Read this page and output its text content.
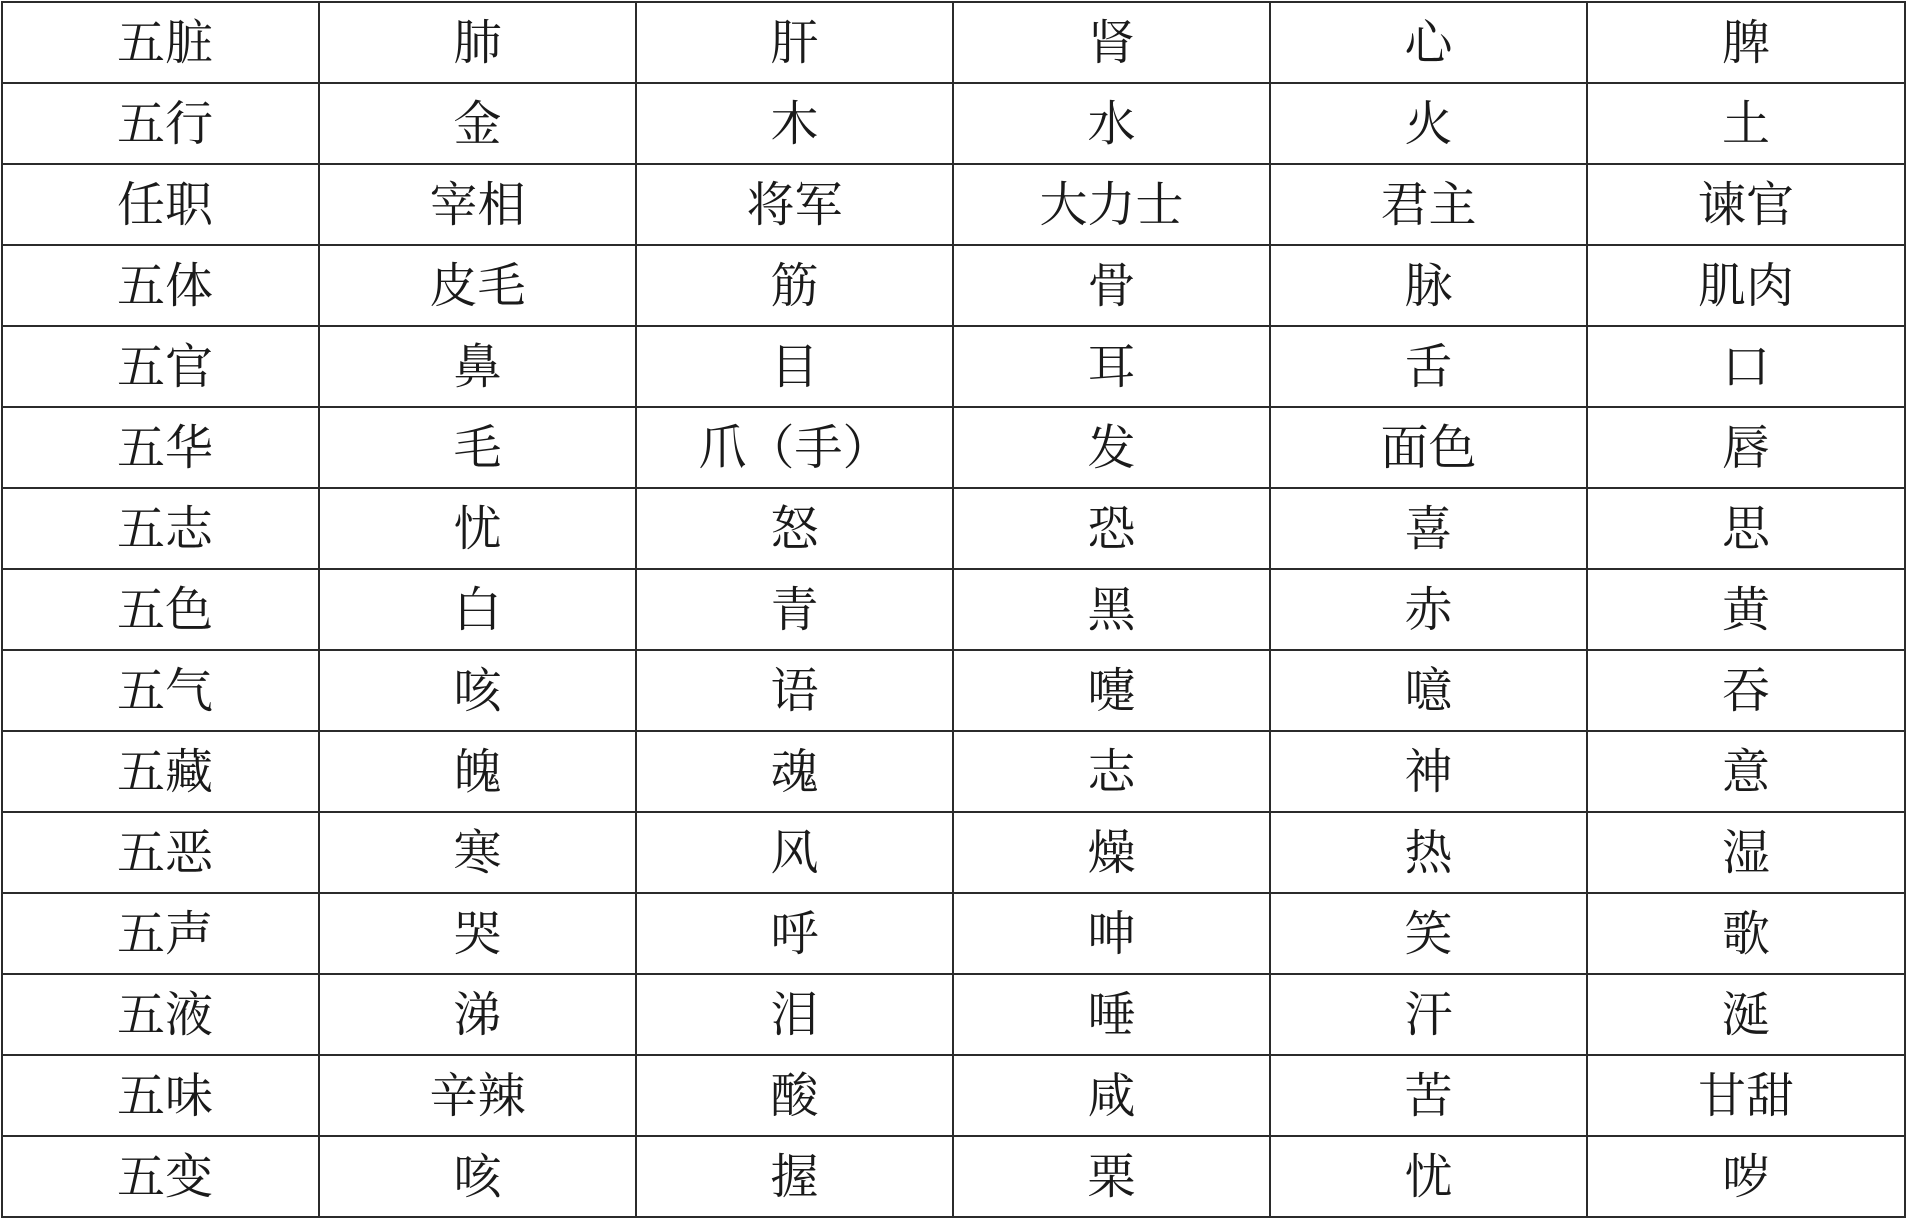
五脏	肺	肝	肾	心	脾
五行	金	木	水	火	土
任职	宰相	将军	大力士	君主	谏官
五体	皮毛	筋	骨	脉	肌肉
五官	鼻	目	耳	舌	口
五华	毛	爪（手）	发	面色	唇
五志	忧	怒	恐	喜	思
五色	白	青	黑	赤	黄
五气	咳	语	嚏	噫	吞
五藏	魄	魂	志	神	意
五恶	寒	风	燥	热	湿
五声	哭	呼	呻	笑	歌
五液	涕	泪	唾	汗	涎
五味	辛辣	酸	咸	苦	甘甜
五变	咳	握	栗	忧	哕
